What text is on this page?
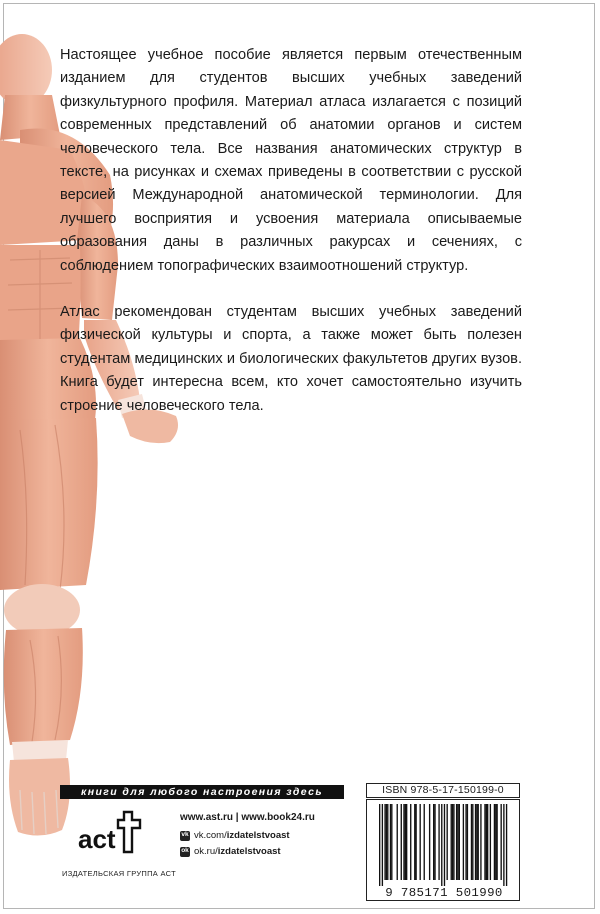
Настоящее учебное пособие является первым отечественным изданием для студентов высших учебных заведений физкультурного профиля. Материал атласа излагается с позиций современных представлений об анатомии органов и систем человеческого тела. Все названия анатомических структур в тексте, на рисунках и схемах приведены в соответствии с русской версией Международной анатомической терминологии. Для лучшего восприятия и усвоения материала описываемые образования даны в различных ракурсах и сечениях, с соблюдением топографических взаимоотношений структур.

Атлас рекомендован студентам высших учебных заведений физической культуры и спорта, а также может быть полезен студентам медицинских и биологических факультетов других вузов. Книга будет интересна всем, кто хочет самостоятельно изучить строение человеческого тела.

книги для любого настроения здесь
act
ИЗДАТЕЛЬСКАЯ ГРУППА АСТ
www.ast.ru | www.book24.ru
vk vk.com/ izdatelstvoast
ok ok.ru/ izdatelstvoast
ISBN 978-5-17-150199-0
9 785171 501990
